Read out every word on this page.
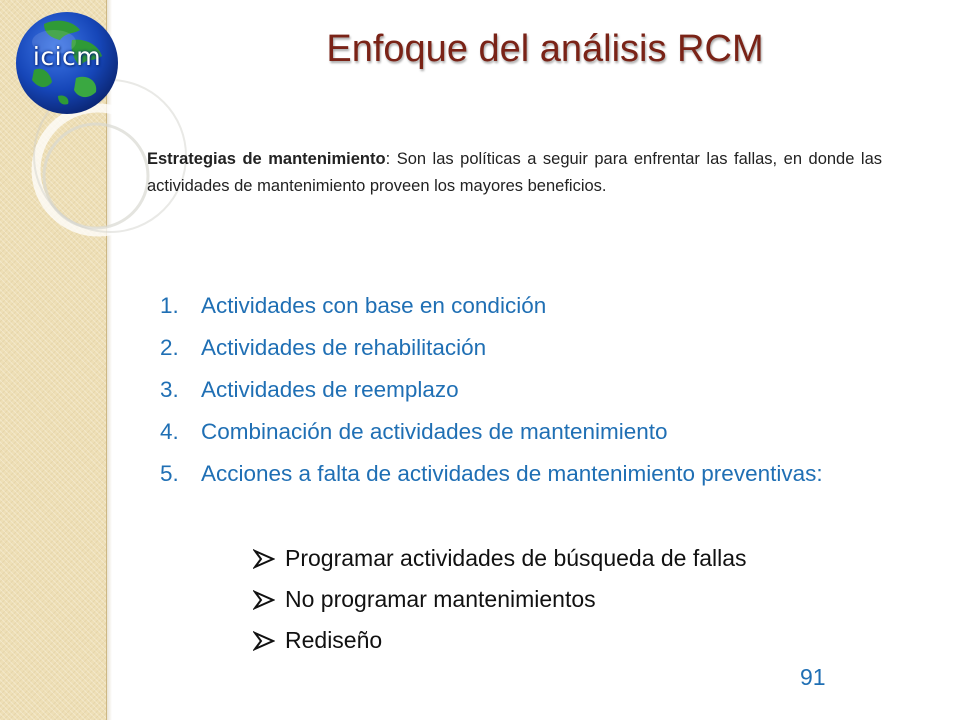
icicm	Enfoque del análisis RCM
Estrategias de mantenimiento: Son las políticas a seguir para enfrentar las fallas, en donde las actividades de mantenimiento proveen los mayores beneficios.
1. Actividades con base en condición
2. Actividades de rehabilitación
3. Actividades de reemplazo
4. Combinación de actividades de mantenimiento
5. Acciones a falta de actividades de mantenimiento preventivas:
Programar actividades de búsqueda de fallas
No programar mantenimientos
Rediseño
91
